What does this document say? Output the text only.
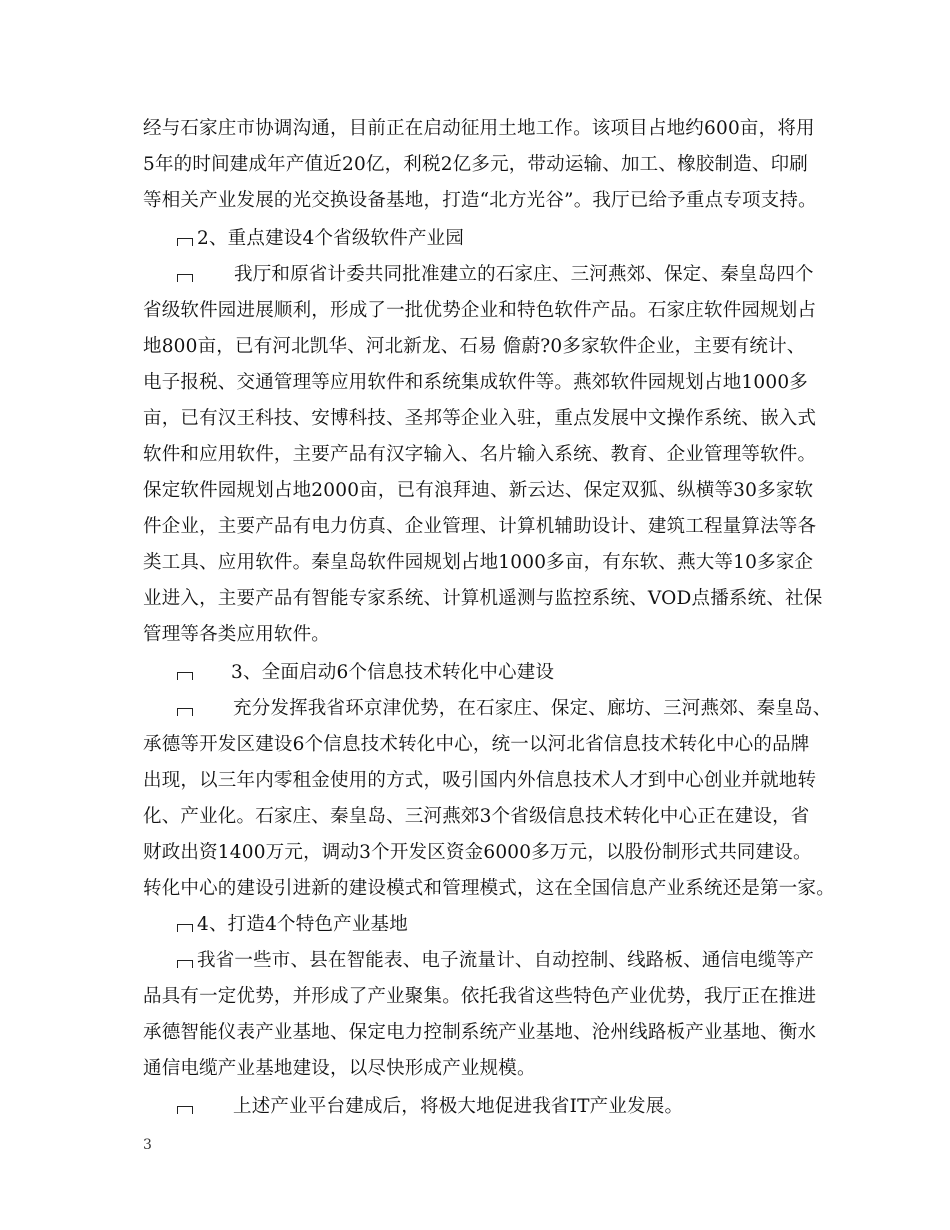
经与石家庄市协调沟通，目前正在启动征用土地工作。该项目占地约600亩，将用
5年的时间建成年产值近20亿，利税2亿多元，带动运输、加工、橡胶制造、印刷
等相关产业发展的光交换设备基地，打造“北方光谷”。我厅已给予重点专项支持。
2、重点建设4个省级软件产业园
我厅和原省计委共同批准建立的石家庄、三河燕郊、保定、秦皇岛四个
省级软件园进展顺利，形成了一批优势企业和特色软件产品。石家庄软件园规划占
地800亩，已有河北凯华、河北新龙、石易 儋蔚?0多家软件企业，主要有统计、
电子报税、交通管理等应用软件和系统集成软件等。燕郊软件园规划占地1000多
亩，已有汉王科技、安博科技、圣邦等企业入驻，重点发展中文操作系统、嵌入式
软件和应用软件，主要产品有汉字输入、名片输入系统、教育、企业管理等软件。
保定软件园规划占地2000亩，已有浪拜迪、新云达、保定双狐、纵横等30多家软
件企业，主要产品有电力仿真、企业管理、计算机辅助设计、建筑工程量算法等各
类工具、应用软件。秦皇岛软件园规划占地1000多亩，有东软、燕大等10多家企
业进入，主要产品有智能专家系统、计算机遥测与监控系统、VOD点播系统、社保
管理等各类应用软件。
3、全面启动6个信息技术转化中心建设
充分发挥我省环京津优势，在石家庄、保定、廊坊、三河燕郊、秦皇岛、
承德等开发区建设6个信息技术转化中心，统一以河北省信息技术转化中心的品牌
出现，以三年内零租金使用的方式，吸引国内外信息技术人才到中心创业并就地转
化、产业化。石家庄、秦皇岛、三河燕郊3个省级信息技术转化中心正在建设，省
财政出资1400万元，调动3个开发区资金6000多万元，以股份制形式共同建设。
转化中心的建设引进新的建设模式和管理模式，这在全国信息产业系统还是第一家。
4、打造4个特色产业基地
我省一些市、县在智能表、电子流量计、自动控制、线路板、通信电缆等产
品具有一定优势，并形成了产业聚集。依托我省这些特色产业优势，我厅正在推进
承德智能仪表产业基地、保定电力控制系统产业基地、沧州线路板产业基地、衡水
通信电缆产业基地建设，以尽快形成产业规模。
上述产业平台建成后，将极大地促进我省IT产业发展。
3
